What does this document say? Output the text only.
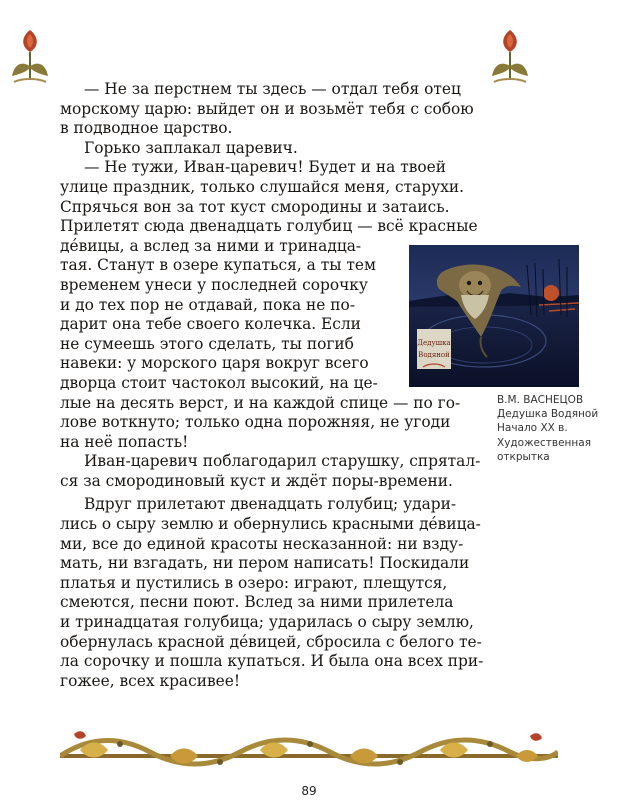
— Не за перстнем ты здесь — отдал тебя отец
морскому царю: выйдет он и возьмёт тебя с собою
в подводное царство.

Горько заплакал царевич.

— Не тужи, Иван-царевич! Будет и на твоей
улице праздник, только слушайся меня, старухи.
Спрячься вон за тот куст смородины и затаись.
Прилетят сюда двенадцать голубиц — всё красные
де́вицы, а вслед за ними и тринадца-
тая. Станут в озере купаться, а ты тем
временем унеси у последней сорочку
и до тех пор не отдавай, пока не по-
дарит она тебе своего колечка. Если
не сумеешь этого сделать, ты погиб
навеки: у морского царя вокруг всего
дворца стоит частокол высокий, на це-
лые на десять верст, и на каждой спице — по го-
лове воткнуто; только одна порожняя, не угоди
на неё попасть!

Иван-царевич поблагодарил старушку, спрятал-
ся за смородиновый куст и ждёт поры-времени.

Вдруг прилетают двенадцать голубиц; удари-
лись о сыру землю и обернулись красными де́вица-
ми, все до единой красоты несказанной: ни взду-
мать, ни взгадать, ни пером написать! Поскидали
платья и пустились в озеро: играют, плещутся,
смеются, песни поют. Вслед за ними прилетела
и тринадцатая голубица; ударилась о сыру землю,
обернулась красной де́вицей, сбросила с белого те-
ла сорочку и пошла купаться. И была она всех при-
гожее, всех красивее!

Дедушка
Водяной
В.М. ВАСНЕЦОВ
Дедушка Водяной
Начало XX в.
Художественная
открытка
89
